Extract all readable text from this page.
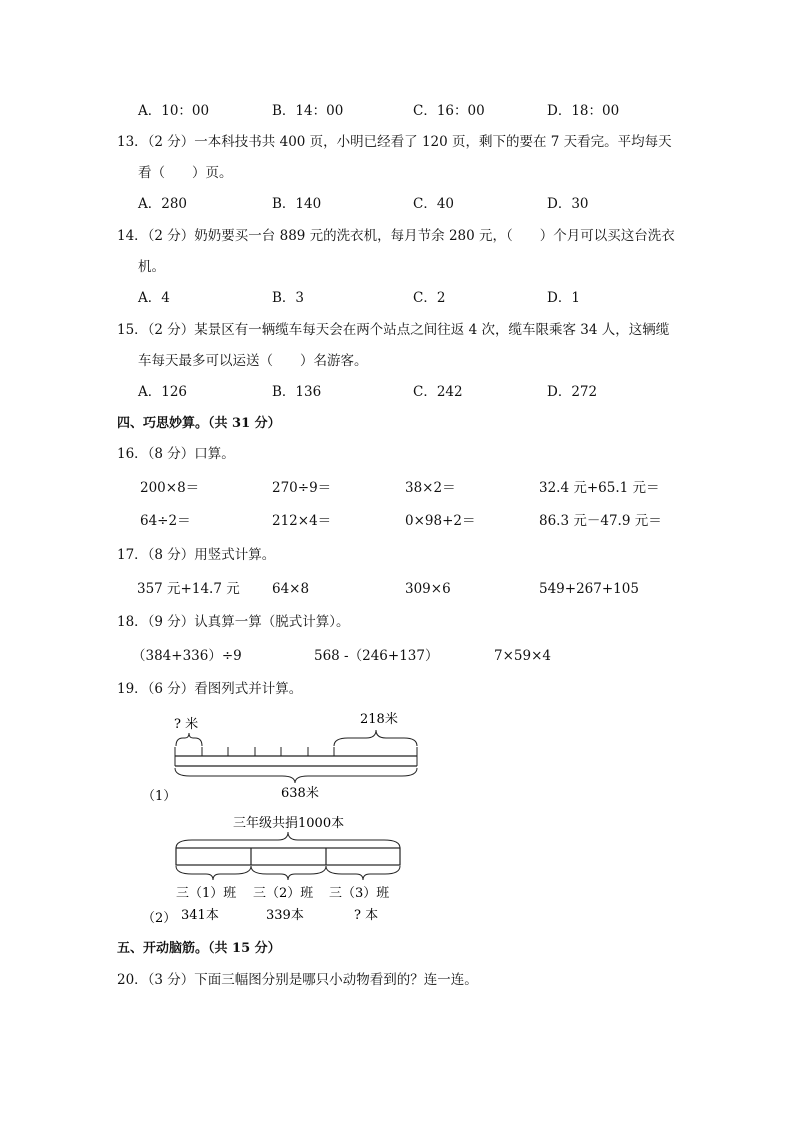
A．10：00	B．14：00	C．16：00	D．18：00
13．（2 分）一本科技书共 400 页，小明已经看了 120 页，剩下的要在 7 天看完。平均每天
看（　　）页。
A．280	B．140	C．40	D．30
14．（2 分）奶奶要买一台 889 元的洗衣机，每月节余 280 元，（　　）个月可以买这台洗衣
机。
A．4	B．3	C．2	D．1
15．（2 分）某景区有一辆缆车每天会在两个站点之间往返 4 次，缆车限乘客 34 人，这辆缆
车每天最多可以运送（　　）名游客。
A．126	B．136	C．242	D．272
四、巧思妙算。（共 31 分）
16．（8 分）口算。
200×8＝	270÷9＝	38×2＝	32.4 元+65.1 元＝
64÷2＝	212×4＝	0×98+2＝	86.3 元－47.9 元＝
17．（8 分）用竖式计算。
357 元+14.7 元 64×8	309×6	549+267+105
18．（9 分）认真算一算（脱式计算）。
（384+336）÷9	568 -（246+137）	7×59×4
19．（6 分）看图列式并计算。
? 米	218米
638米
（1）
三年级共捐1000本
三（1）班 三（2）班 三（3）班
341本	339本	? 本
（2）
五、开动脑筋。（共 15 分）
20．（3 分）下面三幅图分别是哪只小动物看到的？连一连。
